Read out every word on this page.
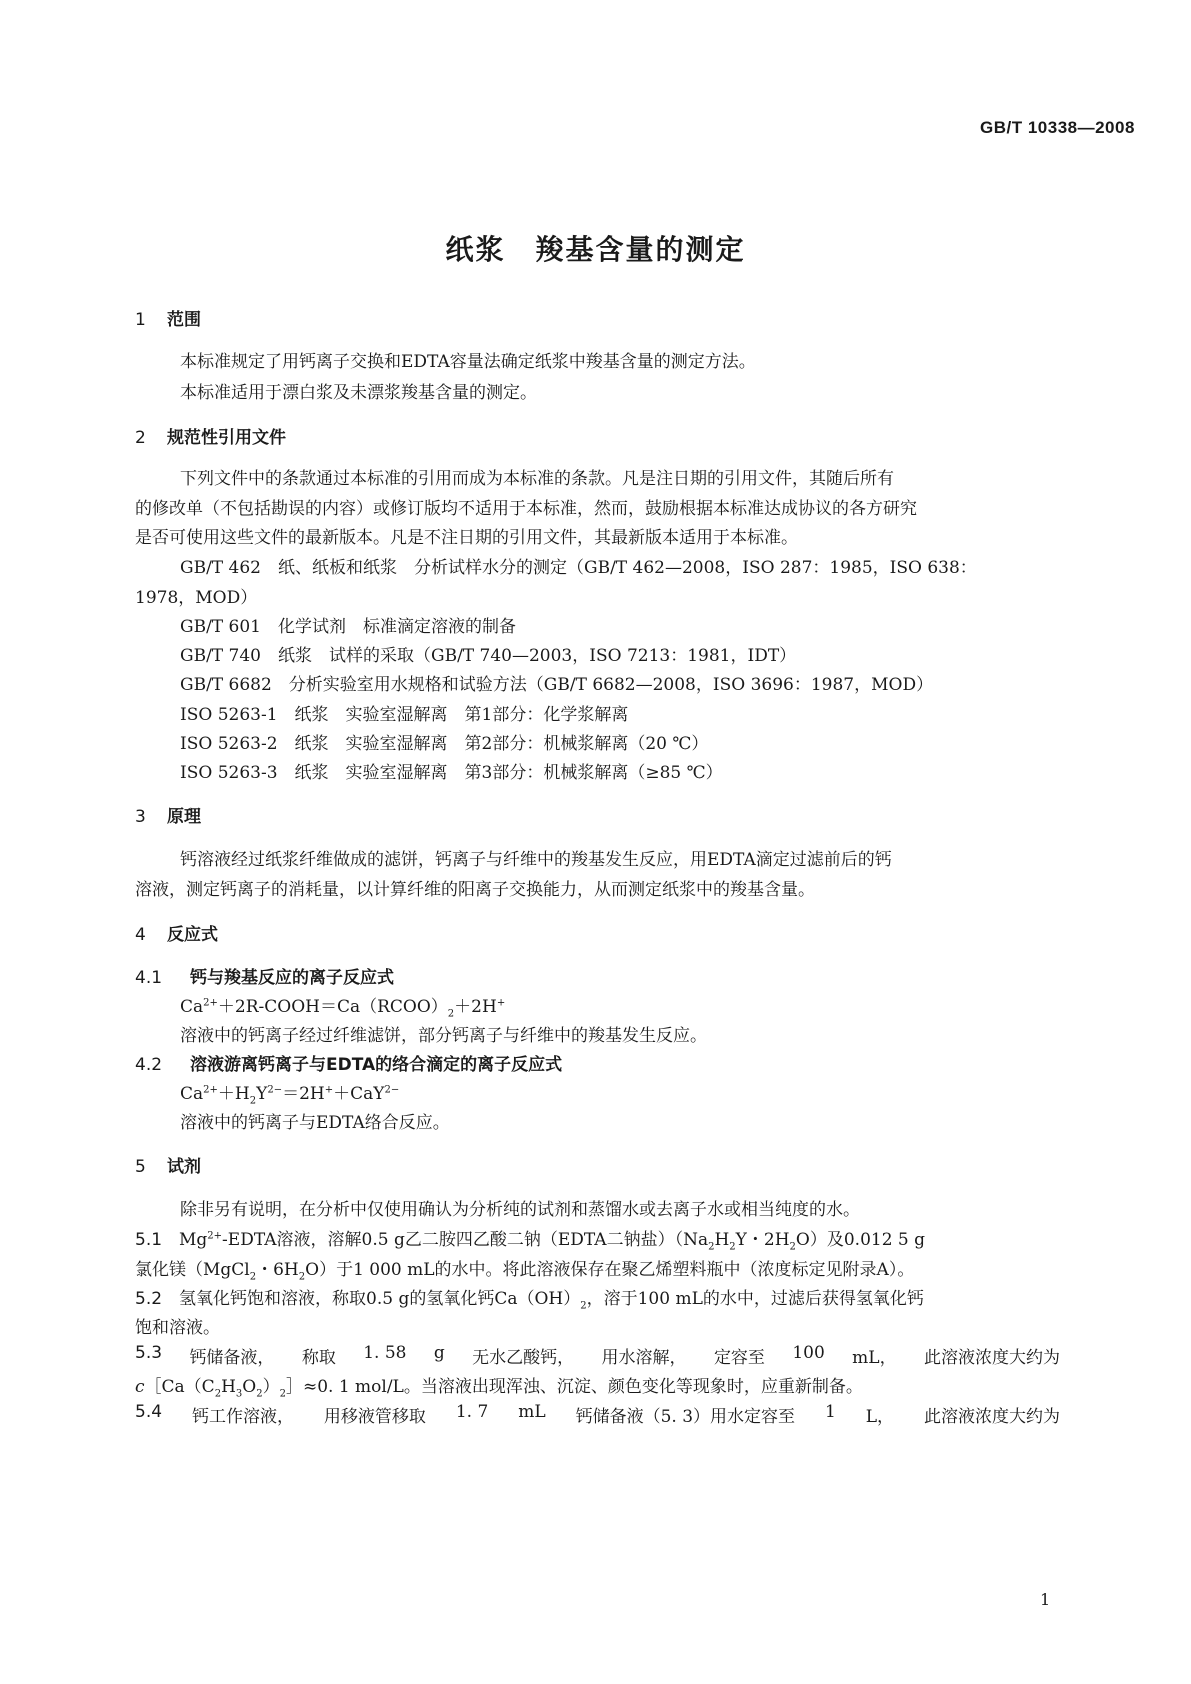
GB/T 10338—2008
纸浆　羧基含量的测定
1 范围
本标准规定了用钙离子交换和EDTA容量法确定纸浆中羧基含量的测定方法。
本标准适用于漂白浆及未漂浆羧基含量的测定。
2 规范性引用文件
下列文件中的条款通过本标准的引用而成为本标准的条款。凡是注日期的引用文件，其随后所有
的修改单（不包括勘误的内容）或修订版均不适用于本标准，然而，鼓励根据本标准达成协议的各方研究
是否可使用这些文件的最新版本。凡是不注日期的引用文件，其最新版本适用于本标准。
GB/T 462　纸、纸板和纸浆　分析试样水分的测定（GB/T 462—2008，ISO 287：1985，ISO 638：
1978，MOD）
GB/T 601　化学试剂　标准滴定溶液的制备
GB/T 740　纸浆　试样的采取（GB/T 740—2003，ISO 7213：1981，IDT）
GB/T 6682　分析实验室用水规格和试验方法（GB/T 6682—2008，ISO 3696：1987，MOD）
ISO 5263-1　纸浆　实验室湿解离　第1部分：化学浆解离
ISO 5263-2　纸浆　实验室湿解离　第2部分：机械浆解离（20 ℃）
ISO 5263-3　纸浆　实验室湿解离　第3部分：机械浆解离（≥85 ℃）
3 原理
钙溶液经过纸浆纤维做成的滤饼，钙离子与纤维中的羧基发生反应，用EDTA滴定过滤前后的钙
溶液，测定钙离子的消耗量，以计算纤维的阳离子交换能力，从而测定纸浆中的羧基含量。
4 反应式
4.1 钙与羧基反应的离子反应式
$Ca^{2+}+2R-COOH=Ca(RCOO)_2+2H^+$
溶液中的钙离子经过纤维滤饼，部分钙离子与纤维中的羧基发生反应。
4.2 溶液游离钙离子与EDTA的络合滴定的离子反应式
$Ca^{2+}+H_2Y^{2-}=2H^++CaY^{2-}$
溶液中的钙离子与EDTA络合反应。
5 试剂
除非另有说明，在分析中仅使用确认为分析纯的试剂和蒸馏水或去离子水或相当纯度的水。
5.1 $Mg^{2+}$-EDTA溶液，溶解0.5 g乙二胺四乙酸二钠（EDTA二钠盐）（$Na_2H_2Y$・$2H_2O$）及0.012 5 g
氯化镁（MgCl$_2$・$6H_2O$）于1 000 mL的水中。将此溶液保存在聚乙烯塑料瓶中（浓度标定见附录A）。
5.2 氢氧化钙饱和溶液，称取0.5 g的氢氧化钙$Ca(OH)_2$，溶于100 mL的水中，过滤后获得氢氧化钙
饱和溶液。
5.3 钙储备液， 称取 1. 58 g 无水乙酸钙， 用水溶解， 定容至 100 mL， 此溶液浓度大约为
$c[Ca(C_2H_3O_2)_2]\approx 0$. 1 mol/L。当溶液出现浑浊、沉淀、颜色变化等现象时，应重新制备。
5.4 钙工作溶液， 用移液管移取 1. 7 mL 钙储备液（5. 3）用水定容至 1 L， 此溶液浓度大约为
1
